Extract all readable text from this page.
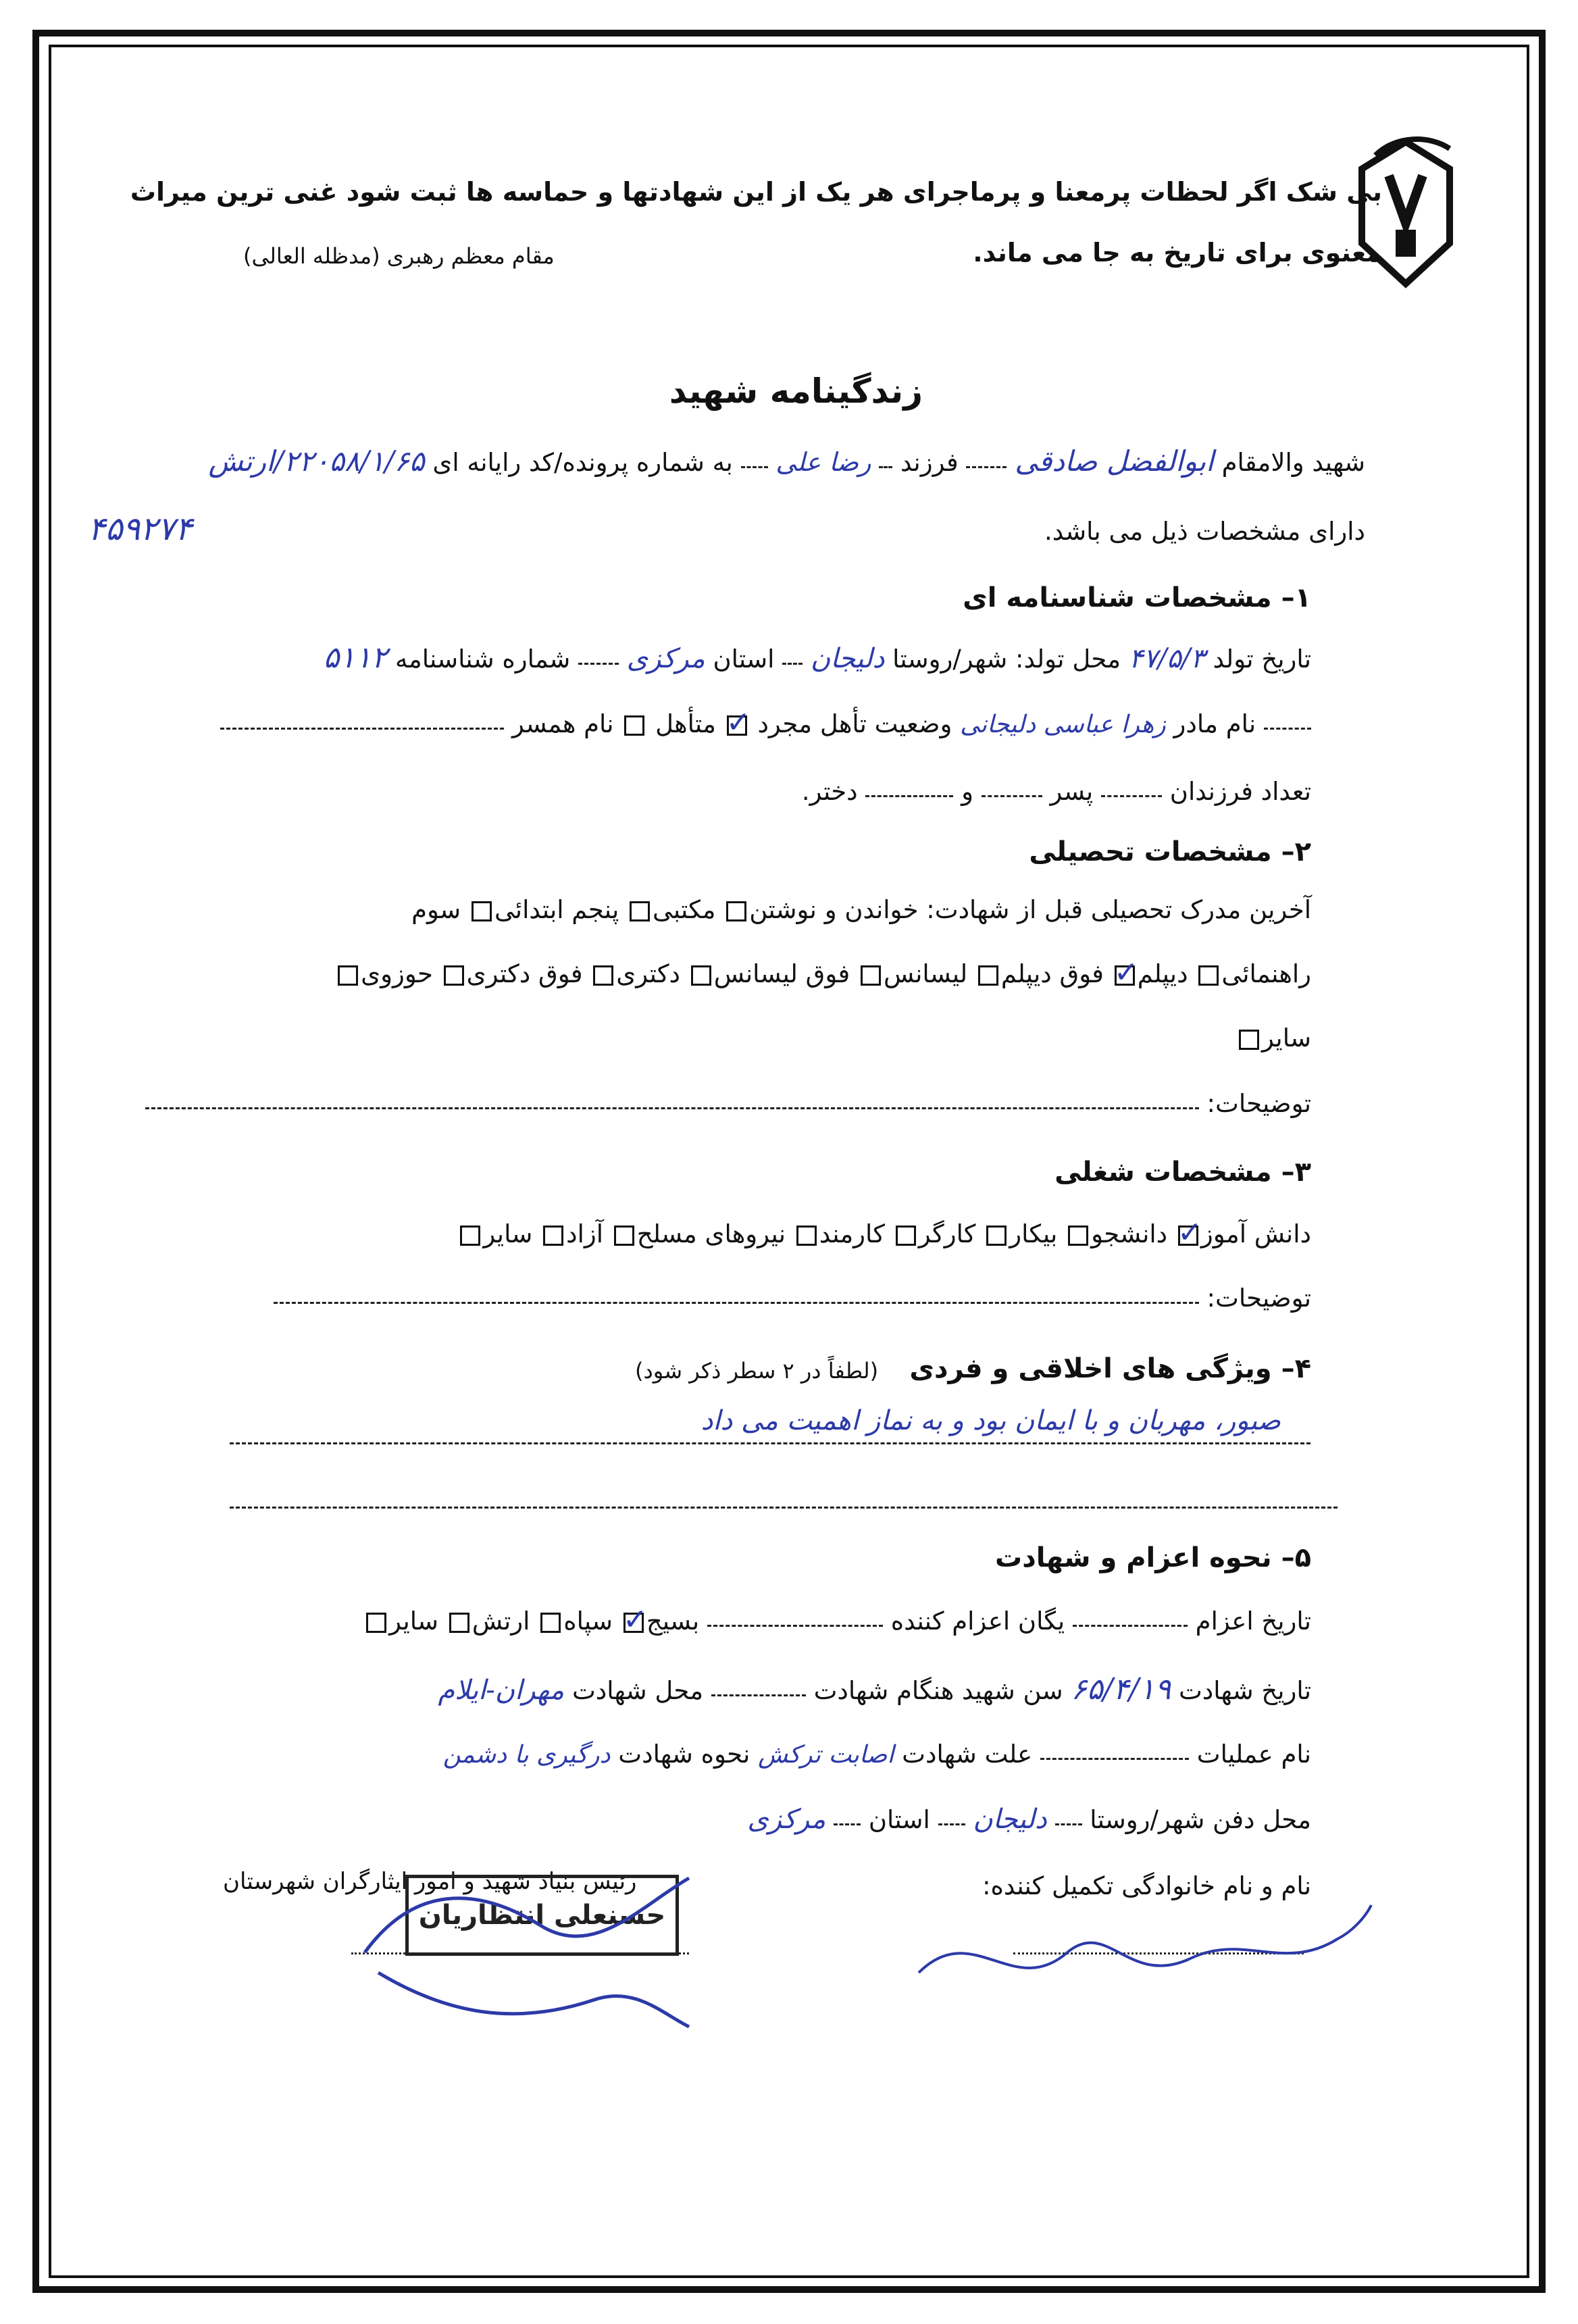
بی شک اگر لحظات پرمعنا و پرماجرای هر یک از این شهادتها و حماسه ها ثبت شود غنی ترین میراث
معنوی برای تاریخ به جا می ماند.
مقام معظم رهبری (مدظله العالی)
زندگینامه شهید
شهید والامقام ابوالفضل صادقی  فرزند  رضا علی  به شماره پرونده/کد رایانه ای ۲۲۰۵۸/۱/۶۵/ارتش
۴۵۹۲۷۴	دارای مشخصات ذیل می باشد.
۱– مشخصات شناسنامه ای
تاریخ تولد ۴۷/۵/۳ محل تولد: شهر/روستا دلیجان  استان مرکزی  شماره شناسنامه ۵۱۱۲
نام مادر زهرا عباسی دلیجانی وضعیت تأهل مجرد ✓ متأهل  نام همسر
تعداد فرزندان  پسر  و  دختر.
۲– مشخصات تحصیلی
آخرین مدرک تحصیلی قبل از شهادت: خواندن و نوشتن مکتبی پنجم ابتدائی سوم
راهنمائی دیپلم✓ فوق دیپلم لیسانس فوق لیسانس دکتری فوق دکتری حوزوی
سایر
توضیحات:
۳– مشخصات شغلی
دانش آموز✓ دانشجو بیکار کارگر کارمند نیروهای مسلح آزاد سایر
توضیحات:
۴– ویژگی های اخلاقی و فردی
(لطفاً در ۲ سطر ذکر شود)
صبور، مهربان و با ایمان بود و به نماز اهمیت می داد
۵– نحوه اعزام و شهادت
تاریخ اعزام  یگان اعزام کننده  بسیج✓ سپاه ارتش سایر
تاریخ شهادت ۶۵/۴/۱۹ سن شهید هنگام شهادت  محل شهادت مهران-ایلام
نام عملیات  علت شهادت اصابت ترکش نحوه شهادت درگیری با دشمن
محل دفن شهر/روستا  دلیجان  استان  مرکزی
نام و نام خانوادگی تکمیل کننده:
رئیس بنیاد شهید و امور ایثارگران شهرستان
حسنعلی انتظاریان
